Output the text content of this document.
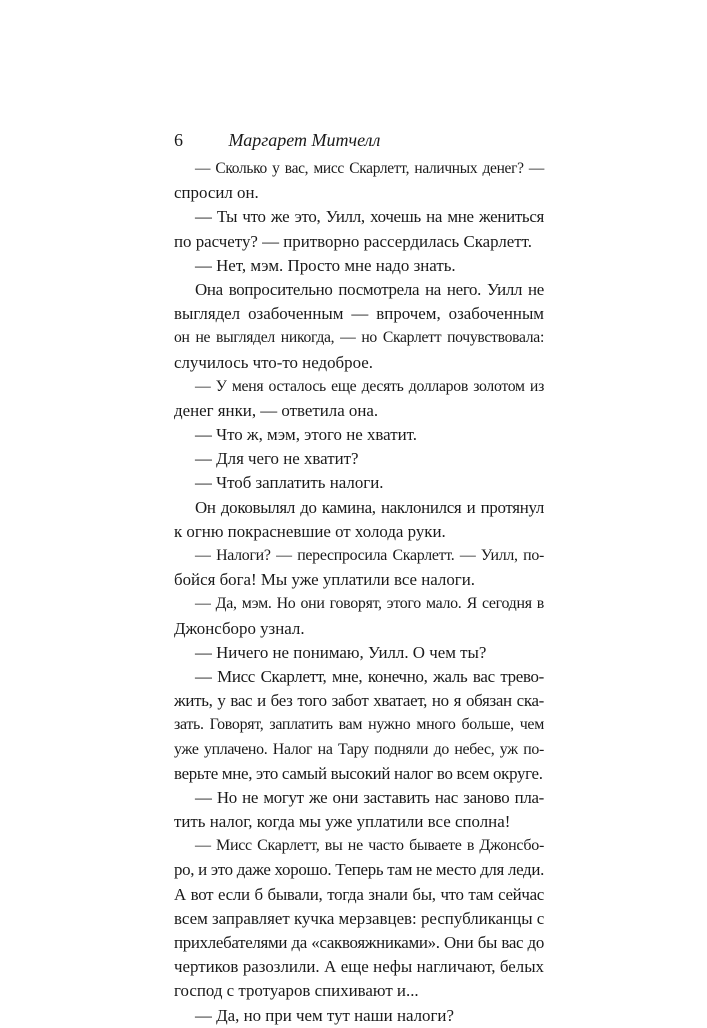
6	Маргарет Митчелл
— Сколько у вас, мисс Скарлетт, наличных денег? —
спросил он.
— Ты что же это, Уилл, хочешь на мне жениться
по расчету? — притворно рассердилась Скарлетт.
— Нет, мэм. Просто мне надо знать.
Она вопросительно посмотрела на него. Уилл не
выглядел озабоченным — впрочем, озабоченным
он не выглядел никогда, — но Скарлетт почувствовала:
случилось что-то недоброе.
— У меня осталось еще десять долларов золотом из
денег янки, — ответила она.
— Что ж, мэм, этого не хватит.
— Для чего не хватит?
— Чтоб заплатить налоги.
Он доковылял до камина, наклонился и протянул
к огню покрасневшие от холода руки.
— Налоги? — переспросила Скарлетт. — Уилл, по-
бойся бога! Мы уже уплатили все налоги.
— Да, мэм. Но они говорят, этого мало. Я сегодня в
Джонсборо узнал.
— Ничего не понимаю, Уилл. О чем ты?
— Мисс Скарлетт, мне, конечно, жаль вас трево-
жить, у вас и без того забот хватает, но я обязан ска-
зать. Говорят, заплатить вам нужно много больше, чем
уже уплачено. Налог на Тару подняли до небес, уж по-
верьте мне, это самый высокий налог во всем округе.
— Но не могут же они заставить нас заново пла-
тить налог, когда мы уже уплатили все сполна!
— Мисс Скарлетт, вы не часто бываете в Джонсбо-
ро, и это даже хорошо. Теперь там не место для леди.
А вот если б бывали, тогда знали бы, что там сейчас
всем заправляет кучка мерзавцев: республиканцы с
прихлебателями да «саквояжниками». Они бы вас до
чертиков разозлили. А еще нефы нагличают, белых
господ с тротуаров спихивают и...
— Да, но при чем тут наши налоги?
